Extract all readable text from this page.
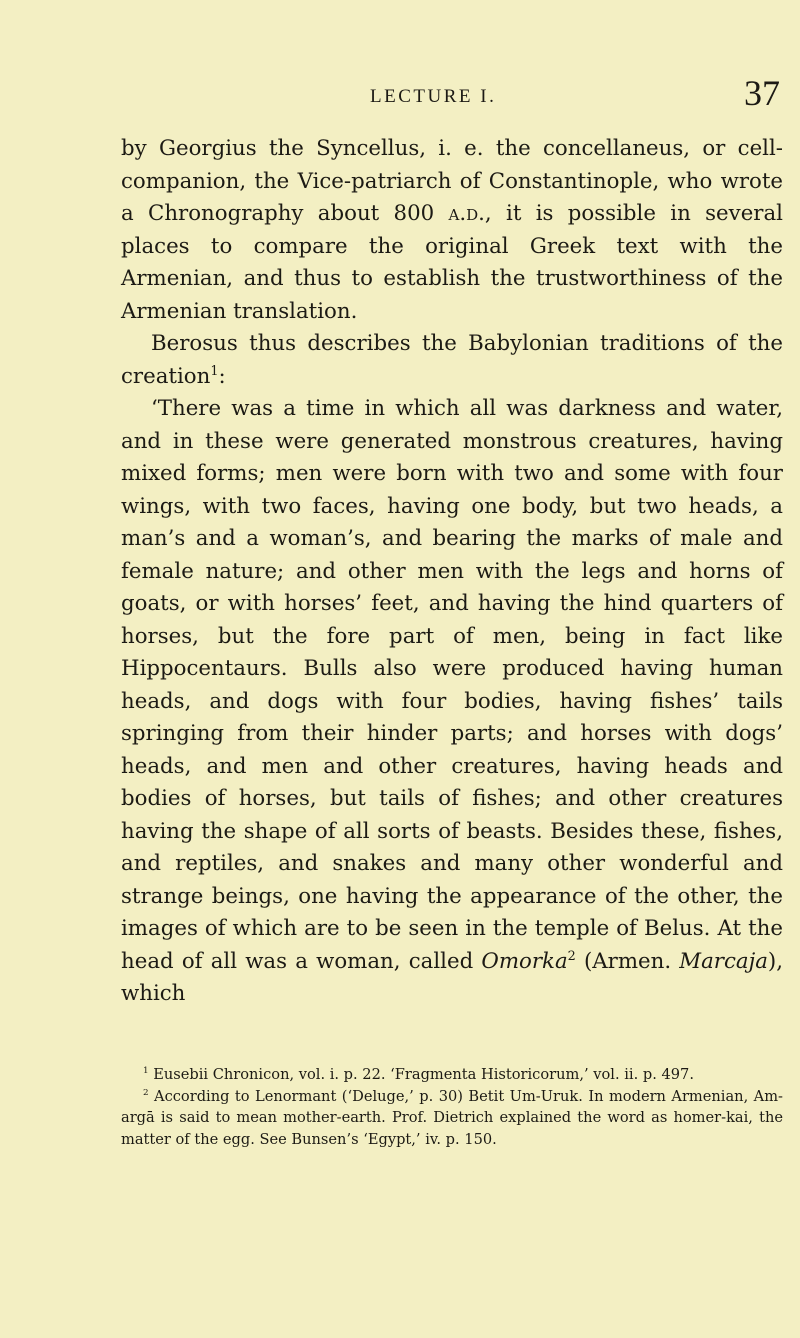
LECTURE I.	37

by Georgius the Syncellus, i. e. the concellaneus, or cell-companion, the Vice-patriarch of Constantinople, who wrote a Chronography about 800 a.d., it is possible in several places to compare the original Greek text with the Armenian, and thus to establish the trustworthiness of the Armenian translation.

Berosus thus describes the Babylonian traditions of the creation$^1$:

‘There was a time in which all was darkness and water, and in these were generated monstrous creatures, having mixed forms; men were born with two and some with four wings, with two faces, having one body, but two heads, a man’s and a woman’s, and bearing the marks of male and female nature; and other men with the legs and horns of goats, or with horses’ feet, and having the hind quarters of horses, but the fore part of men, being in fact like Hippocentaurs. Bulls also were produced having human heads, and dogs with four bodies, having fishes’ tails springing from their hinder parts; and horses with dogs’ heads, and men and other creatures, having heads and bodies of horses, but tails of fishes; and other creatures having the shape of all sorts of beasts. Besides these, fishes, and reptiles, and snakes and many other wonderful and strange beings, one having the appearance of the other, the images of which are to be seen in the temple of Belus. At the head of all was a woman, called Omorka$^2$ (Armen. Marcaja), which

$^1$ Eusebii Chronicon, vol. i. p. 22. ‘Fragmenta Historicorum,’ vol. ii. p. 497.

$^2$ According to Lenormant (‘Deluge,’ p. 30) Betit Um-Uruk. In modern Armenian, Am-argā is said to mean mother-earth. Prof. Dietrich explained the word as homer-kai, the matter of the egg. See Bunsen’s ‘Egypt,’ iv. p. 150.
